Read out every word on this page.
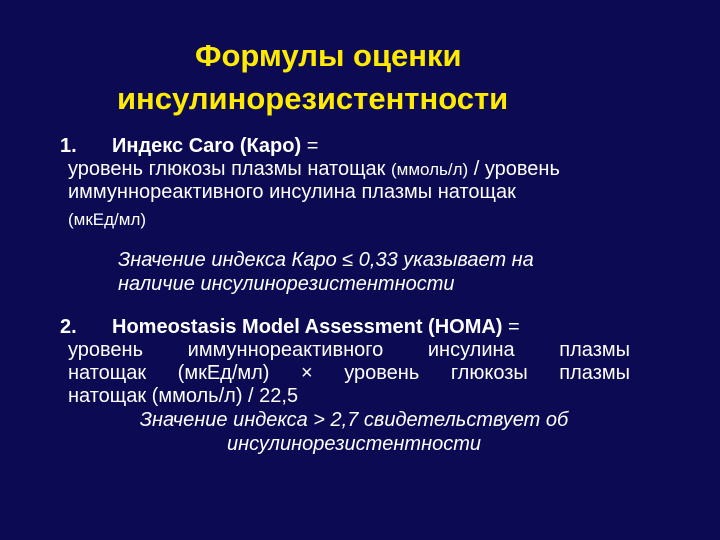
Формулы оценки
инсулинорезистентности
1. Индекс Caro (Каро) =
уровень глюкозы плазмы натощак (ммоль/л) / уровень
иммуннореактивного инсулина плазмы натощак
(мкЕд/мл)
Значение индекса Каро ≤ 0,33 указывает на
наличие инсулинорезистентности
2. Homeostasis Model Assessment (HOMA) =
уровень иммуннореактивного инсулина плазмы
натощак (мкЕд/мл) × уровень глюкозы плазмы
натощак (ммоль/л) / 22,5
Значение индекса > 2,7 свидетельствует об
инсулинорезистентности
